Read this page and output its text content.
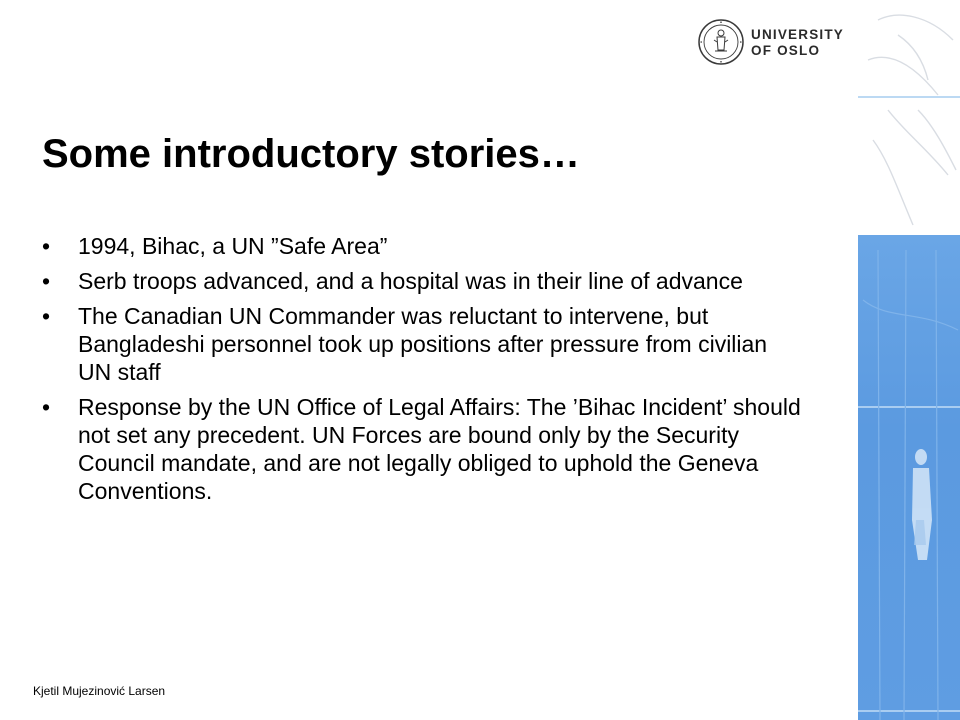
UNIVERSITY
OF OSLO
Some introductory stories…
• 1994, Bihac, a UN ”Safe Area”
• Serb troops advanced, and a hospital was in their line of advance
• The Canadian UN Commander was reluctant to intervene, but Bangladeshi personnel took up positions after pressure from civilian UN staff
• Response by the UN Office of Legal Affairs: The ’Bihac Incident’ should not set any precedent. UN Forces are bound only by the Security Council mandate, and are not legally obliged to uphold the Geneva Conventions.
Kjetil Mujezinović Larsen
